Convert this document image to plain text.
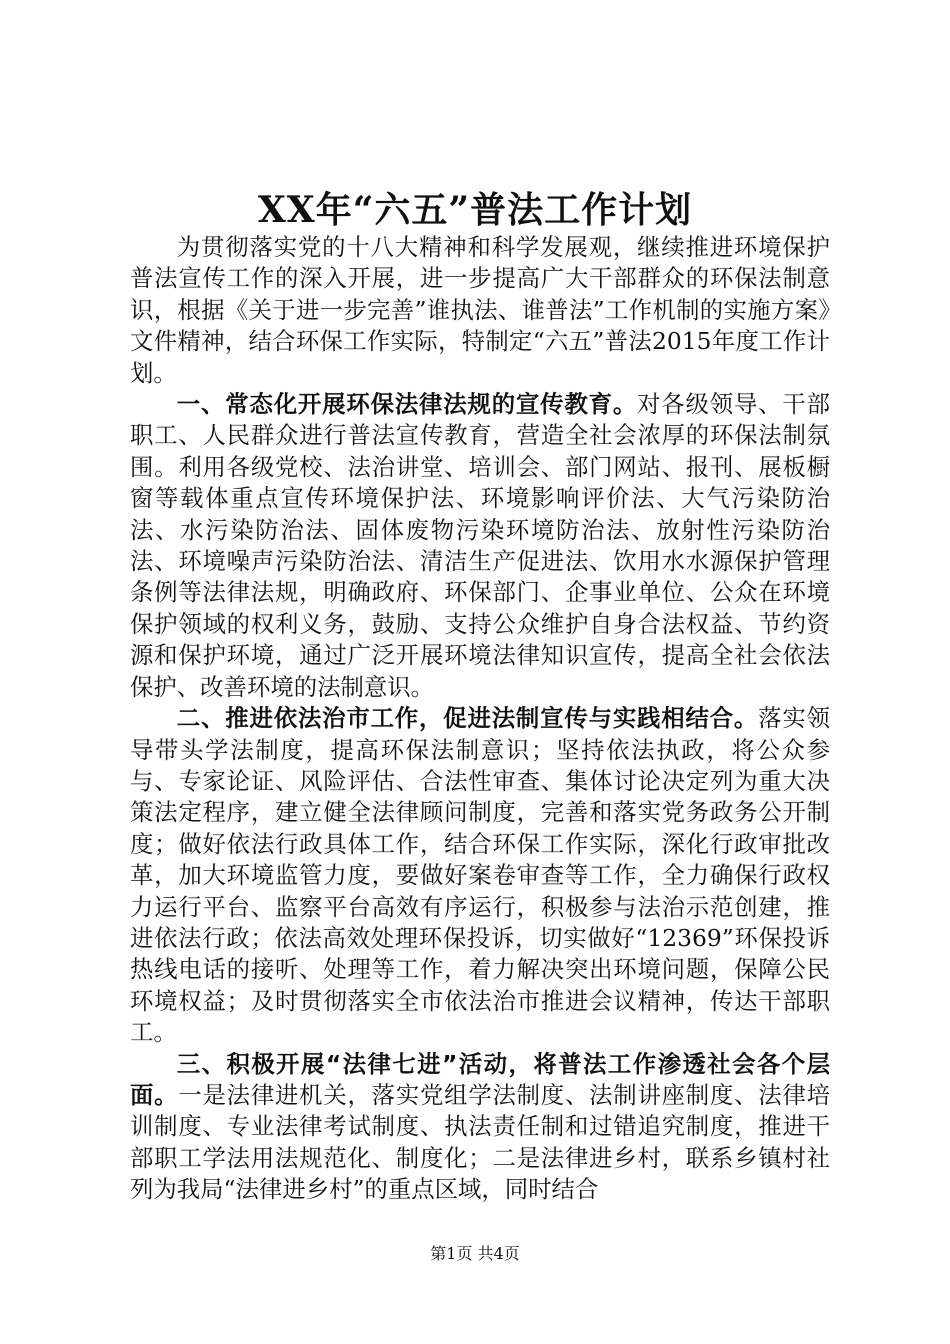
XX年“六五”普法工作计划

为贯彻落实党的十八大精神和科学发展观，继续推进环境保护普法宣传工作的深入开展，进一步提高广大干部群众的环保法制意识，根据《关于进一步完善”谁执法、谁普法”工作机制的实施方案》文件精神，结合环保工作实际，特制定“六五”普法2015年度工作计划。

一、常态化开展环保法律法规的宣传教育。对各级领导、干部职工、人民群众进行普法宣传教育，营造全社会浓厚的环保法制氛围。利用各级党校、法治讲堂、培训会、部门网站、报刊、展板橱窗等载体重点宣传环境保护法、环境影响评价法、大气污染防治法、水污染防治法、固体废物污染环境防治法、放射性污染防治法、环境噪声污染防治法、清洁生产促进法、饮用水水源保护管理条例等法律法规，明确政府、环保部门、企事业单位、公众在环境保护领域的权利义务，鼓励、支持公众维护自身合法权益、节约资源和保护环境，通过广泛开展环境法律知识宣传，提高全社会依法保护、改善环境的法制意识。

二、推进依法治市工作，促进法制宣传与实践相结合。落实领导带头学法制度，提高环保法制意识；坚持依法执政，将公众参与、专家论证、风险评估、合法性审查、集体讨论决定列为重大决策法定程序，建立健全法律顾问制度，完善和落实党务政务公开制度；做好依法行政具体工作，结合环保工作实际，深化行政审批改革，加大环境监管力度，要做好案卷审查等工作，全力确保行政权力运行平台、监察平台高效有序运行，积极参与法治示范创建，推进依法行政；依法高效处理环保投诉，切实做好“12369”环保投诉热线电话的接听、处理等工作，着力解决突出环境问题，保障公民环境权益；及时贯彻落实全市依法治市推进会议精神，传达干部职工。

三、积极开展“法律七进”活动，将普法工作渗透社会各个层面。一是法律进机关，落实党组学法制度、法制讲座制度、法律培训制度、专业法律考试制度、执法责任制和过错追究制度，推进干部职工学法用法规范化、制度化；二是法律进乡村，联系乡镇村社列为我局“法律进乡村”的重点区域，同时结合

第1页 共4页
